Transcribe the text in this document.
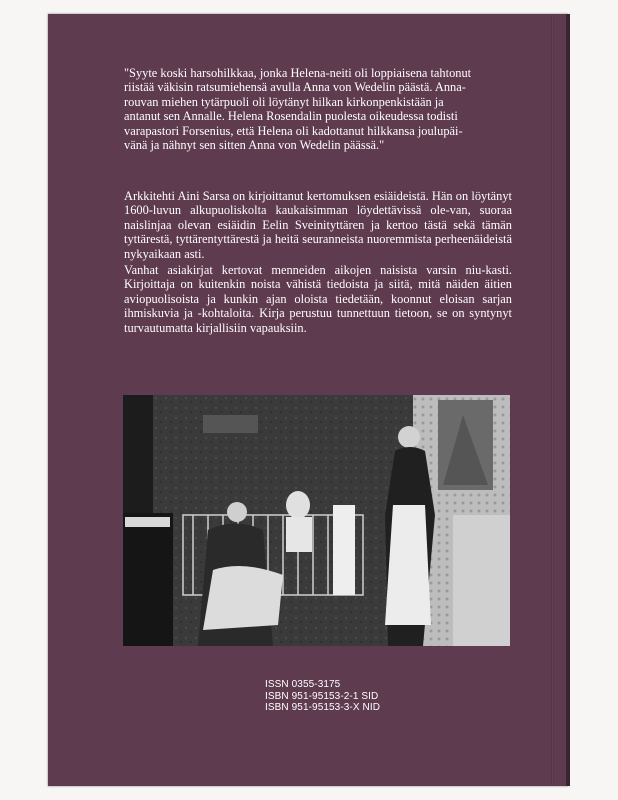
"Syyte koski harsohilkkaa, jonka Helena-neiti oli loppiaisena tahtonut
riistää väkisin ratsumiehensä avulla Anna von Wedelin päästä. Anna-
rouvan miehen tytärpuoli oli löytänyt hilkan kirkonpenkistään ja
antanut sen Annalle. Helena Rosendalin puolesta oikeudessa todisti
varapastori Forsenius, että Helena oli kadottanut hilkkansa joulupäi-
vänä ja nähnyt sen sitten Anna von Wedelin päässä."

Arkkitehti Aini Sarsa on kirjoittanut kertomuksen esiäideistä. Hän on löytänyt 1600-luvun alkupuoliskolta kaukaisimman löydettävissä ole-van, suoraa naislinjaa olevan esiäidin Eelin Sveinityttären ja kertoo tästä sekä tämän tyttärestä, tyttärentyttärestä ja heitä seuranneista nuoremmista perheenäideistä nykyaikaan asti.

Vanhat asiakirjat kertovat menneiden aikojen naisista varsin niu-kasti. Kirjoittaja on kuitenkin noista vähistä tiedoista ja siitä, mitä näiden äitien aviopuolisoista ja kunkin ajan oloista tiedetään, koonnut eloisan sarjan ihmiskuvia ja -kohtaloita. Kirja perustuu tunnettuun tietoon, se on syntynyt turvautumatta kirjallisiin vapauksiin.

ISSN 0355-3175
ISBN 951-95153-2-1 SID
ISBN 951-95153-3-X NID
